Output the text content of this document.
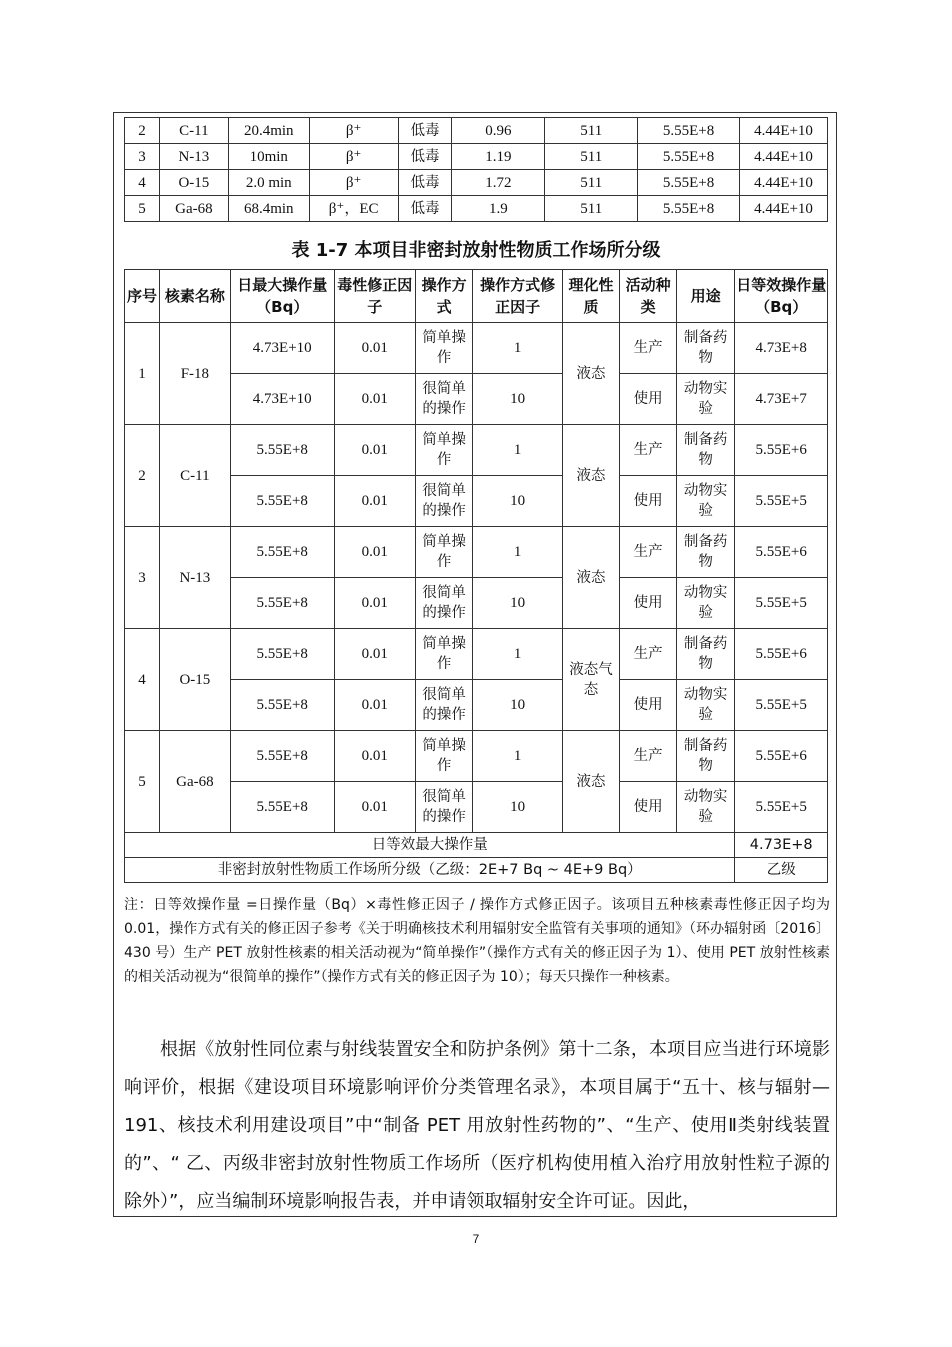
2	C-11	20.4min	β⁺	低毒	0.96	511	5.55E+8	4.44E+10
3	N-13	10min	β⁺	低毒	1.19	511	5.55E+8	4.44E+10
4	O-15	2.0 min	β⁺	低毒	1.72	511	5.55E+8	4.44E+10
5	Ga-68	68.4min	β⁺，EC	低毒	1.9	511	5.55E+8	4.44E+10
表 1-7 本项目非密封放射性物质工作场所分级
序号	核素名称	日最大操作量（Bq）	毒性修正因子	操作方式	操作方式修正因子	理化性质	活动种类	用途	日等效操作量（Bq）
1	F-18	4.73E+10	0.01	简单操作	1	液态	生产	制备药物	4.73E+8
		4.73E+10	0.01	很简单的操作	10		使用	动物实验	4.73E+7
2	C-11	5.55E+8	0.01	简单操作	1	液态	生产	制备药物	5.55E+6
		5.55E+8	0.01	很简单的操作	10		使用	动物实验	5.55E+5
3	N-13	5.55E+8	0.01	简单操作	1	液态	生产	制备药物	5.55E+6
		5.55E+8	0.01	很简单的操作	10		使用	动物实验	5.55E+5
4	O-15	5.55E+8	0.01	简单操作	1	液态气态	生产	制备药物	5.55E+6
		5.55E+8	0.01	很简单的操作	10		使用	动物实验	5.55E+5
5	Ga-68	5.55E+8	0.01	简单操作	1	液态	生产	制备药物	5.55E+6
		5.55E+8	0.01	很简单的操作	10		使用	动物实验	5.55E+5
日等效最大操作量									4.73E+8
非密封放射性物质工作场所分级（乙级：2E+7 Bq ~ 4E+9 Bq）									乙级
注：日等效操作量 =日操作量（Bq）×毒性修正因子 / 操作方式修正因子。该项目五种核素毒性修正因子均为 0.01，操作方式有关的修正因子参考《关于明确核技术利用辐射安全监管有关事项的通知》（环办辐射函〔2016〕430 号）生产 PET 放射性核素的相关活动视为“简单操作”（操作方式有关的修正因子为 1）、使用 PET 放射性核素的相关活动视为“很简单的操作”（操作方式有关的修正因子为 10）；每天只操作一种核素。
根据《放射性同位素与射线装置安全和防护条例》第十二条，本项目应当进行环境影响评价，根据《建设项目环境影响评价分类管理名录》，本项目属于“五十、核与辐射—191、核技术利用建设项目”中“制备 PET 用放射性药物的”、“生产、使用Ⅱ类射线装置的”、“ 乙、丙级非密封放射性物质工作场所（医疗机构使用植入治疗用放射性粒子源的除外）”，应当编制环境影响报告表，并申请领取辐射安全许可证。因此，
7
